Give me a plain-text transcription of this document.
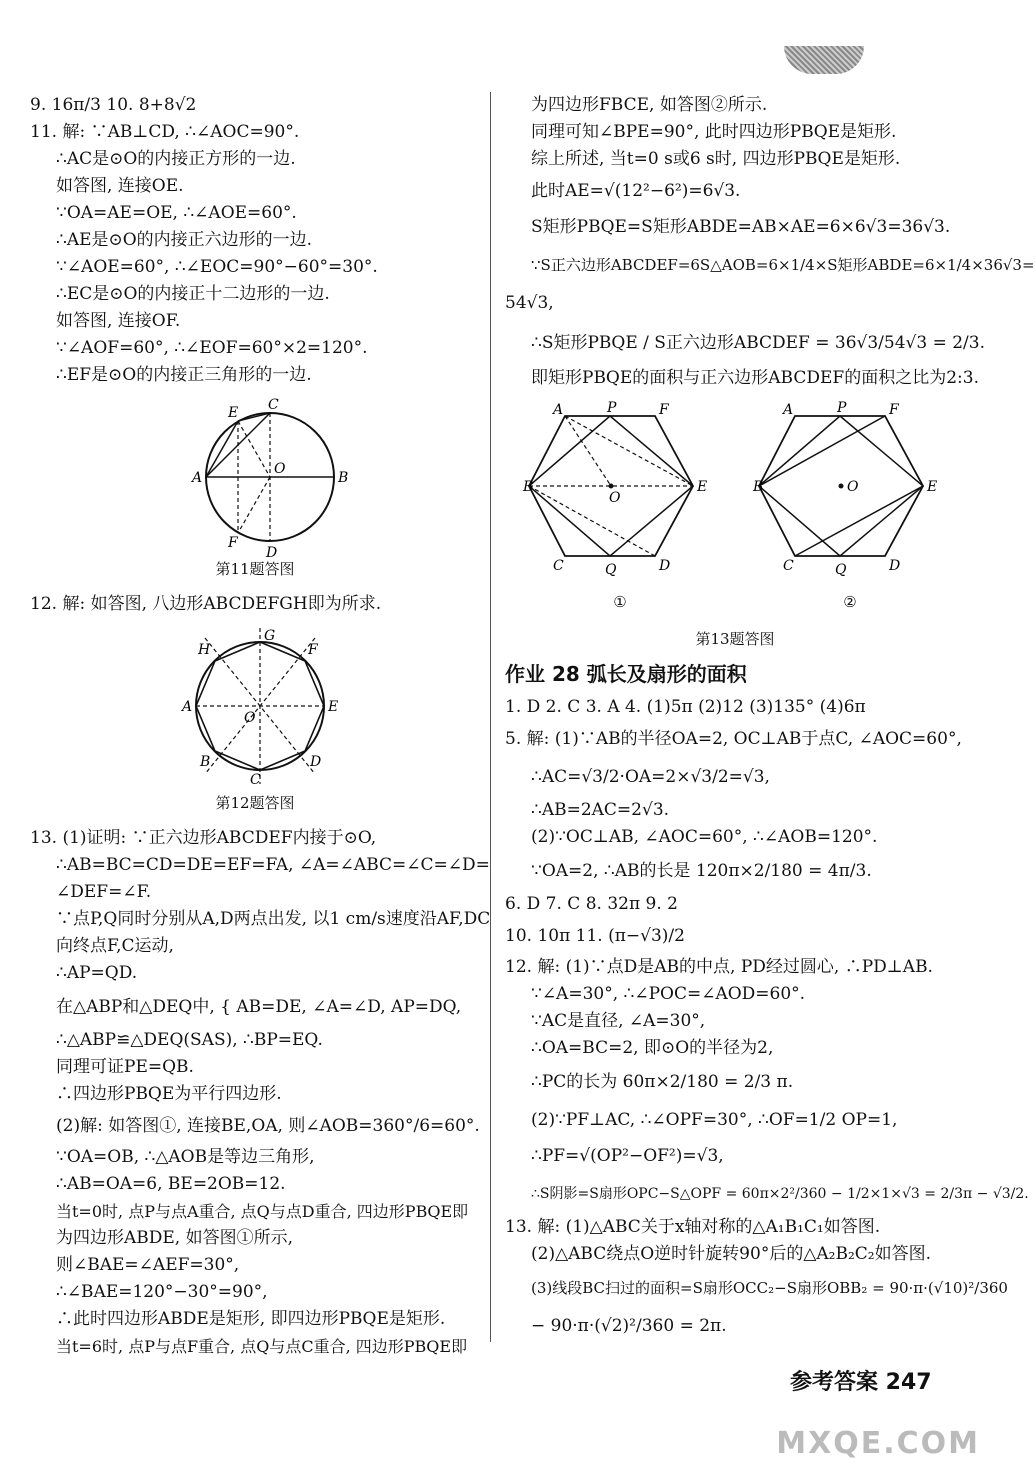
9. 16π/3 10. 8+8√2
11. 解: ∵AB⊥CD, ∴∠AOC=90°.
∴AC是⊙O的内接正方形的一边.
如答图, 连接OE.
∵OA=AE=OE, ∴∠AOE=60°.
∴AE是⊙O的内接正六边形的一边.
∵∠AOE=60°, ∴∠EOC=90°−60°=30°.
∴EC是⊙O的内接正十二边形的一边.
如答图, 连接OF.
∵∠AOF=60°, ∴∠EOF=60°×2=120°.
∴EF是⊙O的内接正三角形的一边.
A	B
C
D
E
F
O
第11题答图
12. 解: 如答图, 八边形ABCDEFGH即为所求.
A
B
C
D
E
F
G
H
O
第12题答图
13. (1)证明: ∵正六边形ABCDEF内接于⊙O,
∴AB=BC=CD=DE=EF=FA, ∠A=∠ABC=∠C=∠D=
∠DEF=∠F.
∵点P,Q同时分别从A,D两点出发, 以1 cm/s速度沿AF,DC
向终点F,C运动,
∴AP=QD.
在△ABP和△DEQ中, { AB=DE, ∠A=∠D, AP=DQ,
∴△ABP≌△DEQ(SAS), ∴BP=EQ.
同理可证PE=QB.
∴四边形PBQE为平行四边形.
(2)解: 如答图①, 连接BE,OA, 则∠AOB=360°/6=60°.
∵OA=OB, ∴△AOB是等边三角形,
∴AB=OA=6, BE=2OB=12.
当t=0时, 点P与点A重合, 点Q与点D重合, 四边形PBQE即
为四边形ABDE, 如答图①所示,
则∠BAE=∠AEF=30°,
∴∠BAE=120°−30°=90°,
∴此时四边形ABDE是矩形, 即四边形PBQE是矩形.
当t=6时, 点P与点F重合, 点Q与点C重合, 四边形PBQE即
为四边形FBCE, 如答图②所示.
同理可知∠BPE=90°, 此时四边形PBQE是矩形.
综上所述, 当t=0 s或6 s时, 四边形PBQE是矩形.
此时AE=√(12²−6²)=6√3.
S矩形PBQE=S矩形ABDE=AB×AE=6×6√3=36√3.
∵S正六边形ABCDEF=6S△AOB=6×1/4×S矩形ABDE=6×1/4×36√3=
54√3,
∴S矩形PBQE / S正六边形ABCDEF = 36√3/54√3 = 2/3.
即矩形PBQE的面积与正六边形ABCDEF的面积之比为2:3.
A	P	F
B	E
O
C	Q	D
①
A	P	F
B	E
O
C	Q	D
②
第13题答图
作业 28 弧长及扇形的面积
1. D 2. C 3. A 4. (1)5π (2)12 (3)135° (4)6π
5. 解: (1)∵AB的半径OA=2, OC⊥AB于点C, ∠AOC=60°,
∴AC=√3/2·OA=2×√3/2=√3,
∴AB=2AC=2√3.
(2)∵OC⊥AB, ∠AOC=60°, ∴∠AOB=120°.
∵OA=2, ∴AB的长是 120π×2/180 = 4π/3.
6. D 7. C 8. 32π 9. 2
10. 10π 11. (π−√3)/2
12. 解: (1)∵点D是AB的中点, PD经过圆心, ∴PD⊥AB.
∵∠A=30°, ∴∠POC=∠AOD=60°.
∵AC是直径, ∠A=30°,
∴OA=BC=2, 即⊙O的半径为2,
∴PC的长为 60π×2/180 = 2/3 π.
(2)∵PF⊥AC, ∴∠OPF=30°, ∴OF=1/2 OP=1,
∴PF=√(OP²−OF²)=√3,
∴S阴影=S扇形OPC−S△OPF = 60π×2²/360 − 1/2×1×√3 = 2/3π − √3/2.
13. 解: (1)△ABC关于x轴对称的△A₁B₁C₁如答图.
(2)△ABC绕点O逆时针旋转90°后的△A₂B₂C₂如答图.
(3)线段BC扫过的面积=S扇形OCC₂−S扇形OBB₂ = 90·π·(√10)²/360
− 90·π·(√2)²/360 = 2π.
参考答案 247
MXQE.COM
